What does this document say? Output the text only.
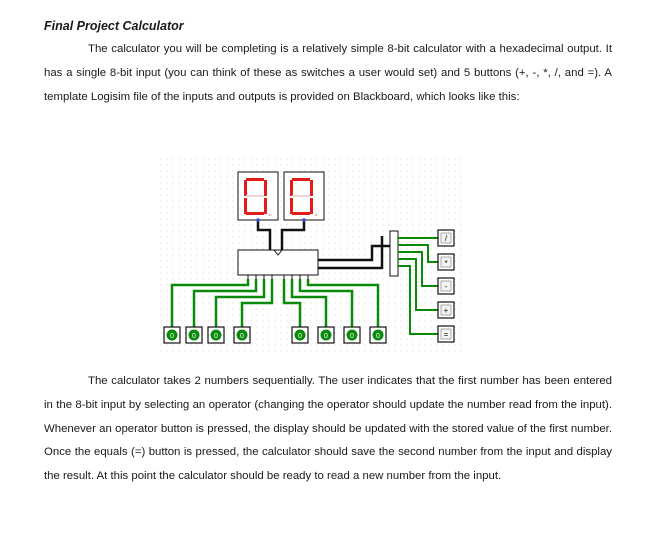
Final Project Calculator

The calculator you will be completing is a relatively simple 8-bit calculator with a hexadecimal output. It has a single 8-bit input (you can think of these as switches a user would set) and 5 buttons (+, -, *, /, and =). A template Logisim file of the inputs and outputs is provided on Blackboard, which looks like this:

0	0	0	0	0	0	0	0
/
*
-
+
=

The calculator takes 2 numbers sequentially. The user indicates that the first number has been entered in the 8-bit input by selecting an operator (changing the operator should update the number read from the input). Whenever an operator button is pressed, the display should be updated with the stored value of the first number. Once the equals (=) button is pressed, the calculator should save the second number from the input and display the result. At this point the calculator should be ready to read a new number from the input.
